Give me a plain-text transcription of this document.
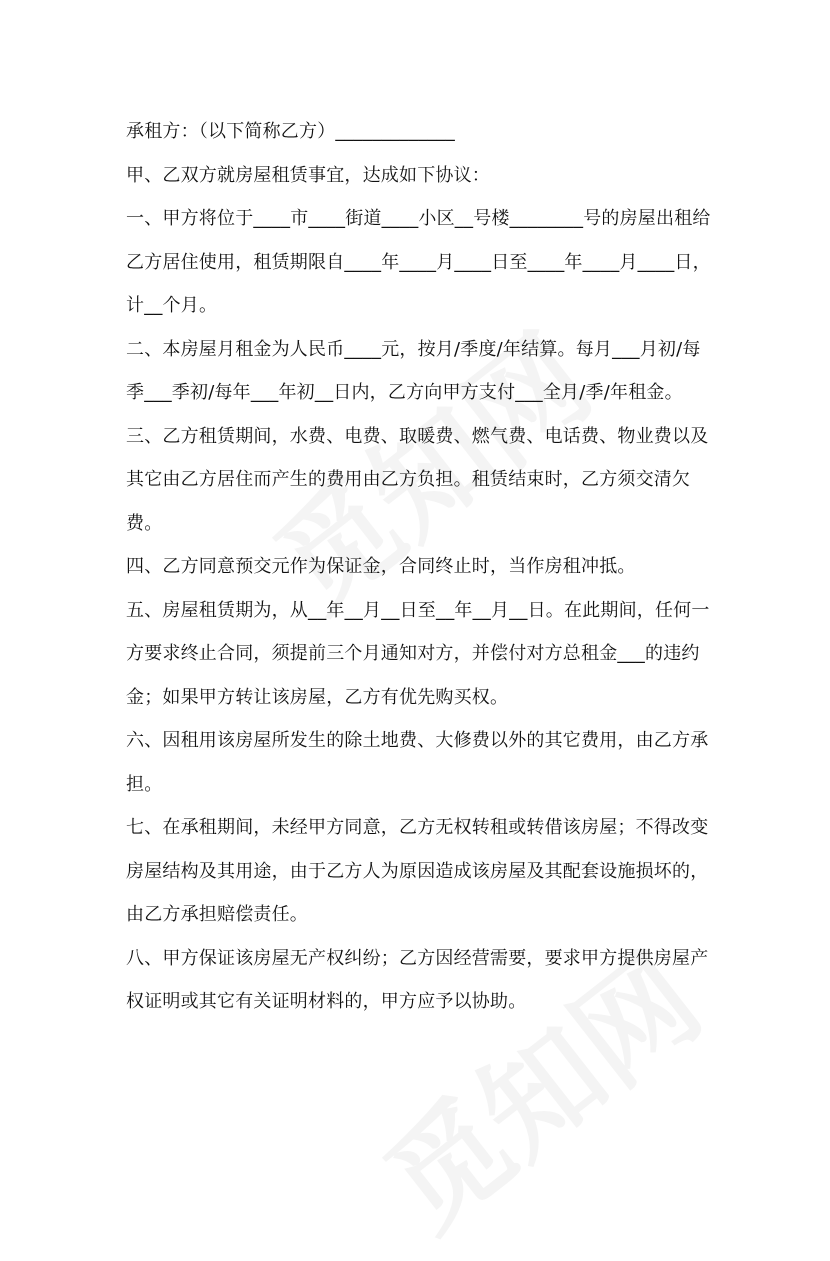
承租方：（以下简称乙方）_____________

甲、乙双方就房屋租赁事宜，达成如下协议：

一、甲方将位于____市____街道____小区__号楼________号的房屋出租给乙方居住使用，租赁期限自____年____月____日至____年____月____日，计__个月。

二、本房屋月租金为人民币____元，按月/季度/年结算。每月___月初/每季___季初/每年___年初__日内，乙方向甲方支付___全月/季/年租金。

三、乙方租赁期间，水费、电费、取暖费、燃气费、电话费、物业费以及其它由乙方居住而产生的费用由乙方负担。租赁结束时，乙方须交清欠费。

四、乙方同意预交元作为保证金，合同终止时，当作房租冲抵。

五、房屋租赁期为，从__年__月__日至__年__月__日。在此期间，任何一方要求终止合同，须提前三个月通知对方，并偿付对方总租金___的违约金；如果甲方转让该房屋，乙方有优先购买权。

六、因租用该房屋所发生的除土地费、大修费以外的其它费用，由乙方承担。

七、在承租期间，未经甲方同意，乙方无权转租或转借该房屋；不得改变房屋结构及其用途，由于乙方人为原因造成该房屋及其配套设施损坏的，由乙方承担赔偿责任。

八、甲方保证该房屋无产权纠纷；乙方因经营需要，要求甲方提供房屋产权证明或其它有关证明材料的，甲方应予以协助。
